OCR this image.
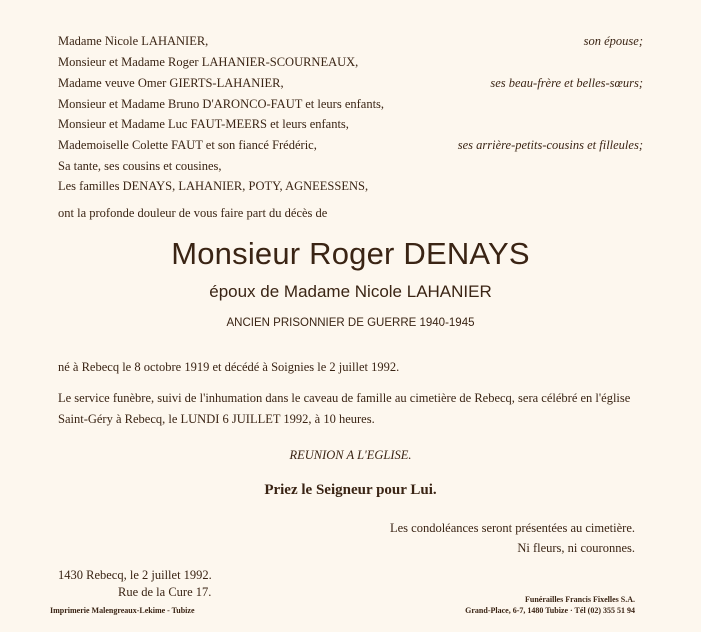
Madame Nicole LAHANIER,	son épouse;
Monsieur et Madame Roger LAHANIER-SCOURNEAUX,
Madame veuve Omer GIERTS-LAHANIER,	ses beau-frère et belles-sœurs;
Monsieur et Madame Bruno D'ARONCO-FAUT et leurs enfants,
Monsieur et Madame Luc FAUT-MEERS et leurs enfants,
Mademoiselle Colette FAUT et son fiancé Frédéric,	ses arrière-petits-cousins et filleules;
Sa tante, ses cousins et cousines,
Les familles DENAYS, LAHANIER, POTY, AGNEESSENS,
ont la profonde douleur de vous faire part du décès de
Monsieur Roger DENAYS
époux de Madame Nicole LAHANIER
ANCIEN PRISONNIER DE GUERRE 1940-1945
né à Rebecq le 8 octobre 1919 et décédé à Soignies le 2 juillet 1992.
Le service funèbre, suivi de l'inhumation dans le caveau de famille au cimetière de Rebecq, sera célébré en l'église
Saint-Géry à Rebecq, le LUNDI 6 JUILLET 1992, à 10 heures.
REUNION A L'EGLISE.
Priez le Seigneur pour Lui.
Les condoléances seront présentées au cimetière.
Ni fleurs, ni couronnes.
1430 Rebecq, le 2 juillet 1992.
Rue de la Cure 17.
Imprimerie Malengreaux-Lekime - Tubize
Funérailles Francis Fixelles S.A.
Grand-Place, 6-7, 1480 Tubize · Tél (02) 355 51 94
